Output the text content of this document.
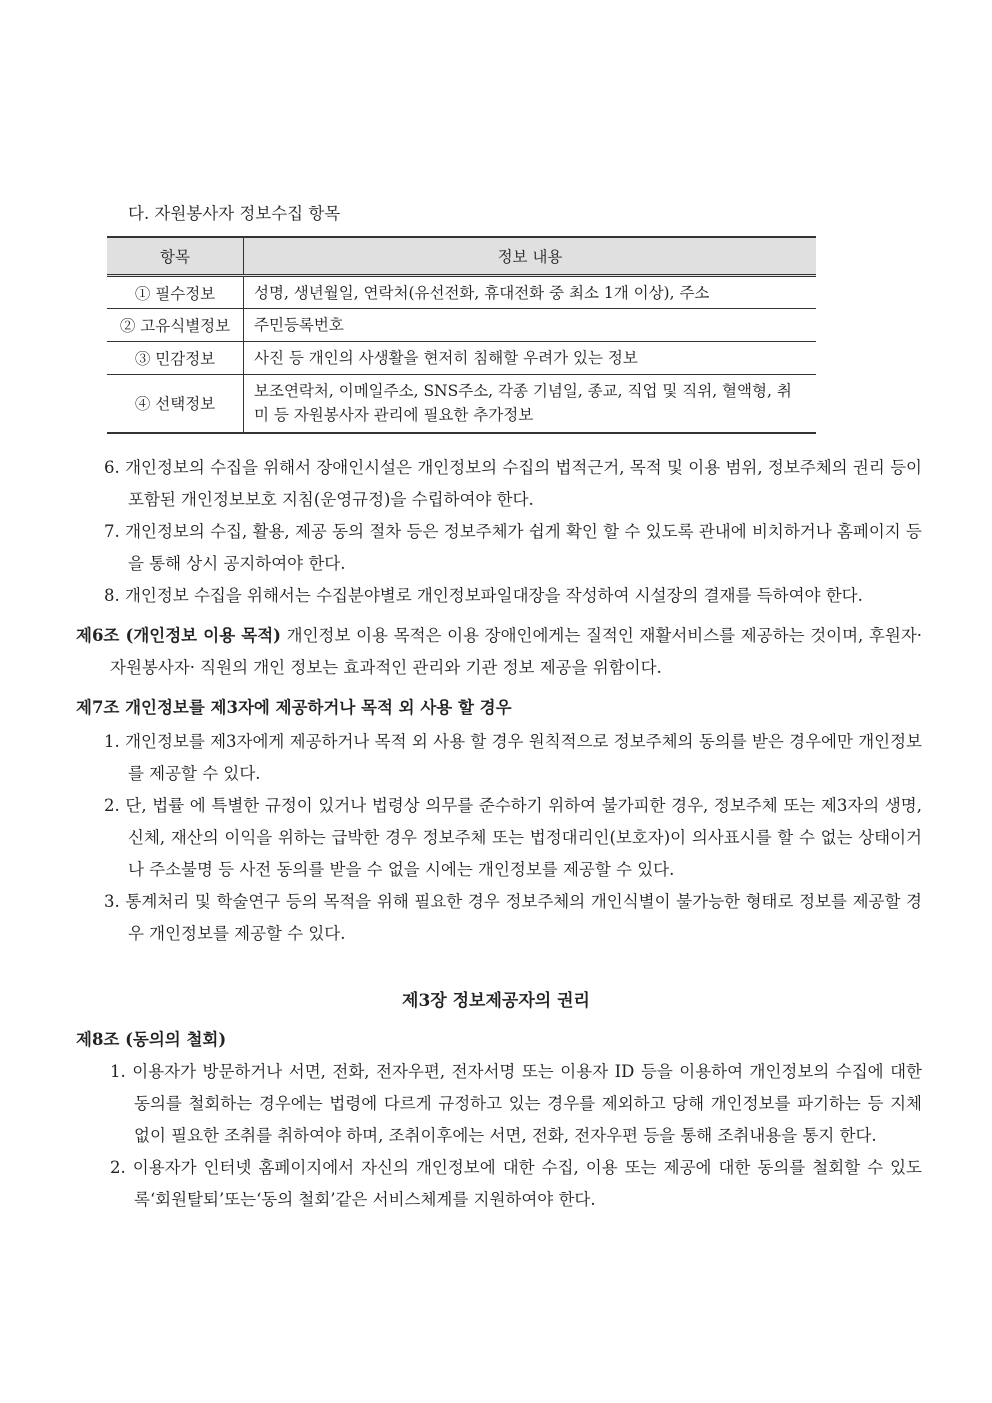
다. 자원봉사자 정보수집 항목
항목	정보 내용
① 필수정보	성명, 생년월일, 연락처(유선전화, 휴대전화 중 최소 1개 이상), 주소
② 고유식별정보	주민등록번호
③ 민감정보	사진 등 개인의 사생활을 현저히 침해할 우려가 있는 정보
④ 선택정보	보조연락처, 이메일주소, SNS주소, 각종 기념일, 종교, 직업 및 직위, 혈액형, 취미 등 자원봉사자 관리에 필요한 추가정보
6. 개인정보의 수집을 위해서 장애인시설은 개인정보의 수집의 법적근거, 목적 및 이용 범위, 정보주체의 권리 등이 포함된 개인정보보호 지침(운영규정)을 수립하여야 한다.
7. 개인정보의 수집, 활용, 제공 동의 절차 등은 정보주체가 쉽게 확인 할 수 있도록 관내에 비치하거나 홈페이지 등을 통해 상시 공지하여야 한다.
8. 개인정보 수집을 위해서는 수집분야별로 개인정보파일대장을 작성하여 시설장의 결재를 득하여야 한다.
제6조 (개인정보 이용 목적) 개인정보 이용 목적은 이용 장애인에게는 질적인 재활서비스를 제공하는 것이며, 후원자·자원봉사자· 직원의 개인 정보는 효과적인 관리와 기관 정보 제공을 위함이다.
제7조 개인정보를 제3자에 제공하거나 목적 외 사용 할 경우
1. 개인정보를 제3자에게 제공하거나 목적 외 사용 할 경우 원칙적으로 정보주체의 동의를 받은 경우에만 개인정보를 제공할 수 있다.
2. 단, 법률 에 특별한 규정이 있거나 법령상 의무를 준수하기 위하여 불가피한 경우, 정보주체 또는 제3자의 생명, 신체, 재산의 이익을 위하는 급박한 경우 정보주체 또는 법정대리인(보호자)이 의사표시를 할 수 없는 상태이거나 주소불명 등 사전 동의를 받을 수 없을 시에는 개인정보를 제공할 수 있다.
3. 통계처리 및 학술연구 등의 목적을 위해 필요한 경우 정보주체의 개인식별이 불가능한 형태로 정보를 제공할 경우 개인정보를 제공할 수 있다.
제3장 정보제공자의 권리
제8조 (동의의 철회)
1. 이용자가 방문하거나 서면, 전화, 전자우편, 전자서명 또는 이용자 ID 등을 이용하여 개인정보의 수집에 대한 동의를 철회하는 경우에는 법령에 다르게 규정하고 있는 경우를 제외하고 당해 개인정보를 파기하는 등 지체 없이 필요한 조취를 취하여야 하며, 조취이후에는 서면, 전화, 전자우편 등을 통해 조취내용을 통지 한다.
2. 이용자가 인터넷 홈페이지에서 자신의 개인정보에 대한 수집, 이용 또는 제공에 대한 동의를 철회할 수 있도록‘회원탈퇴’또는‘동의 철회’같은 서비스체계를 지원하여야 한다.
